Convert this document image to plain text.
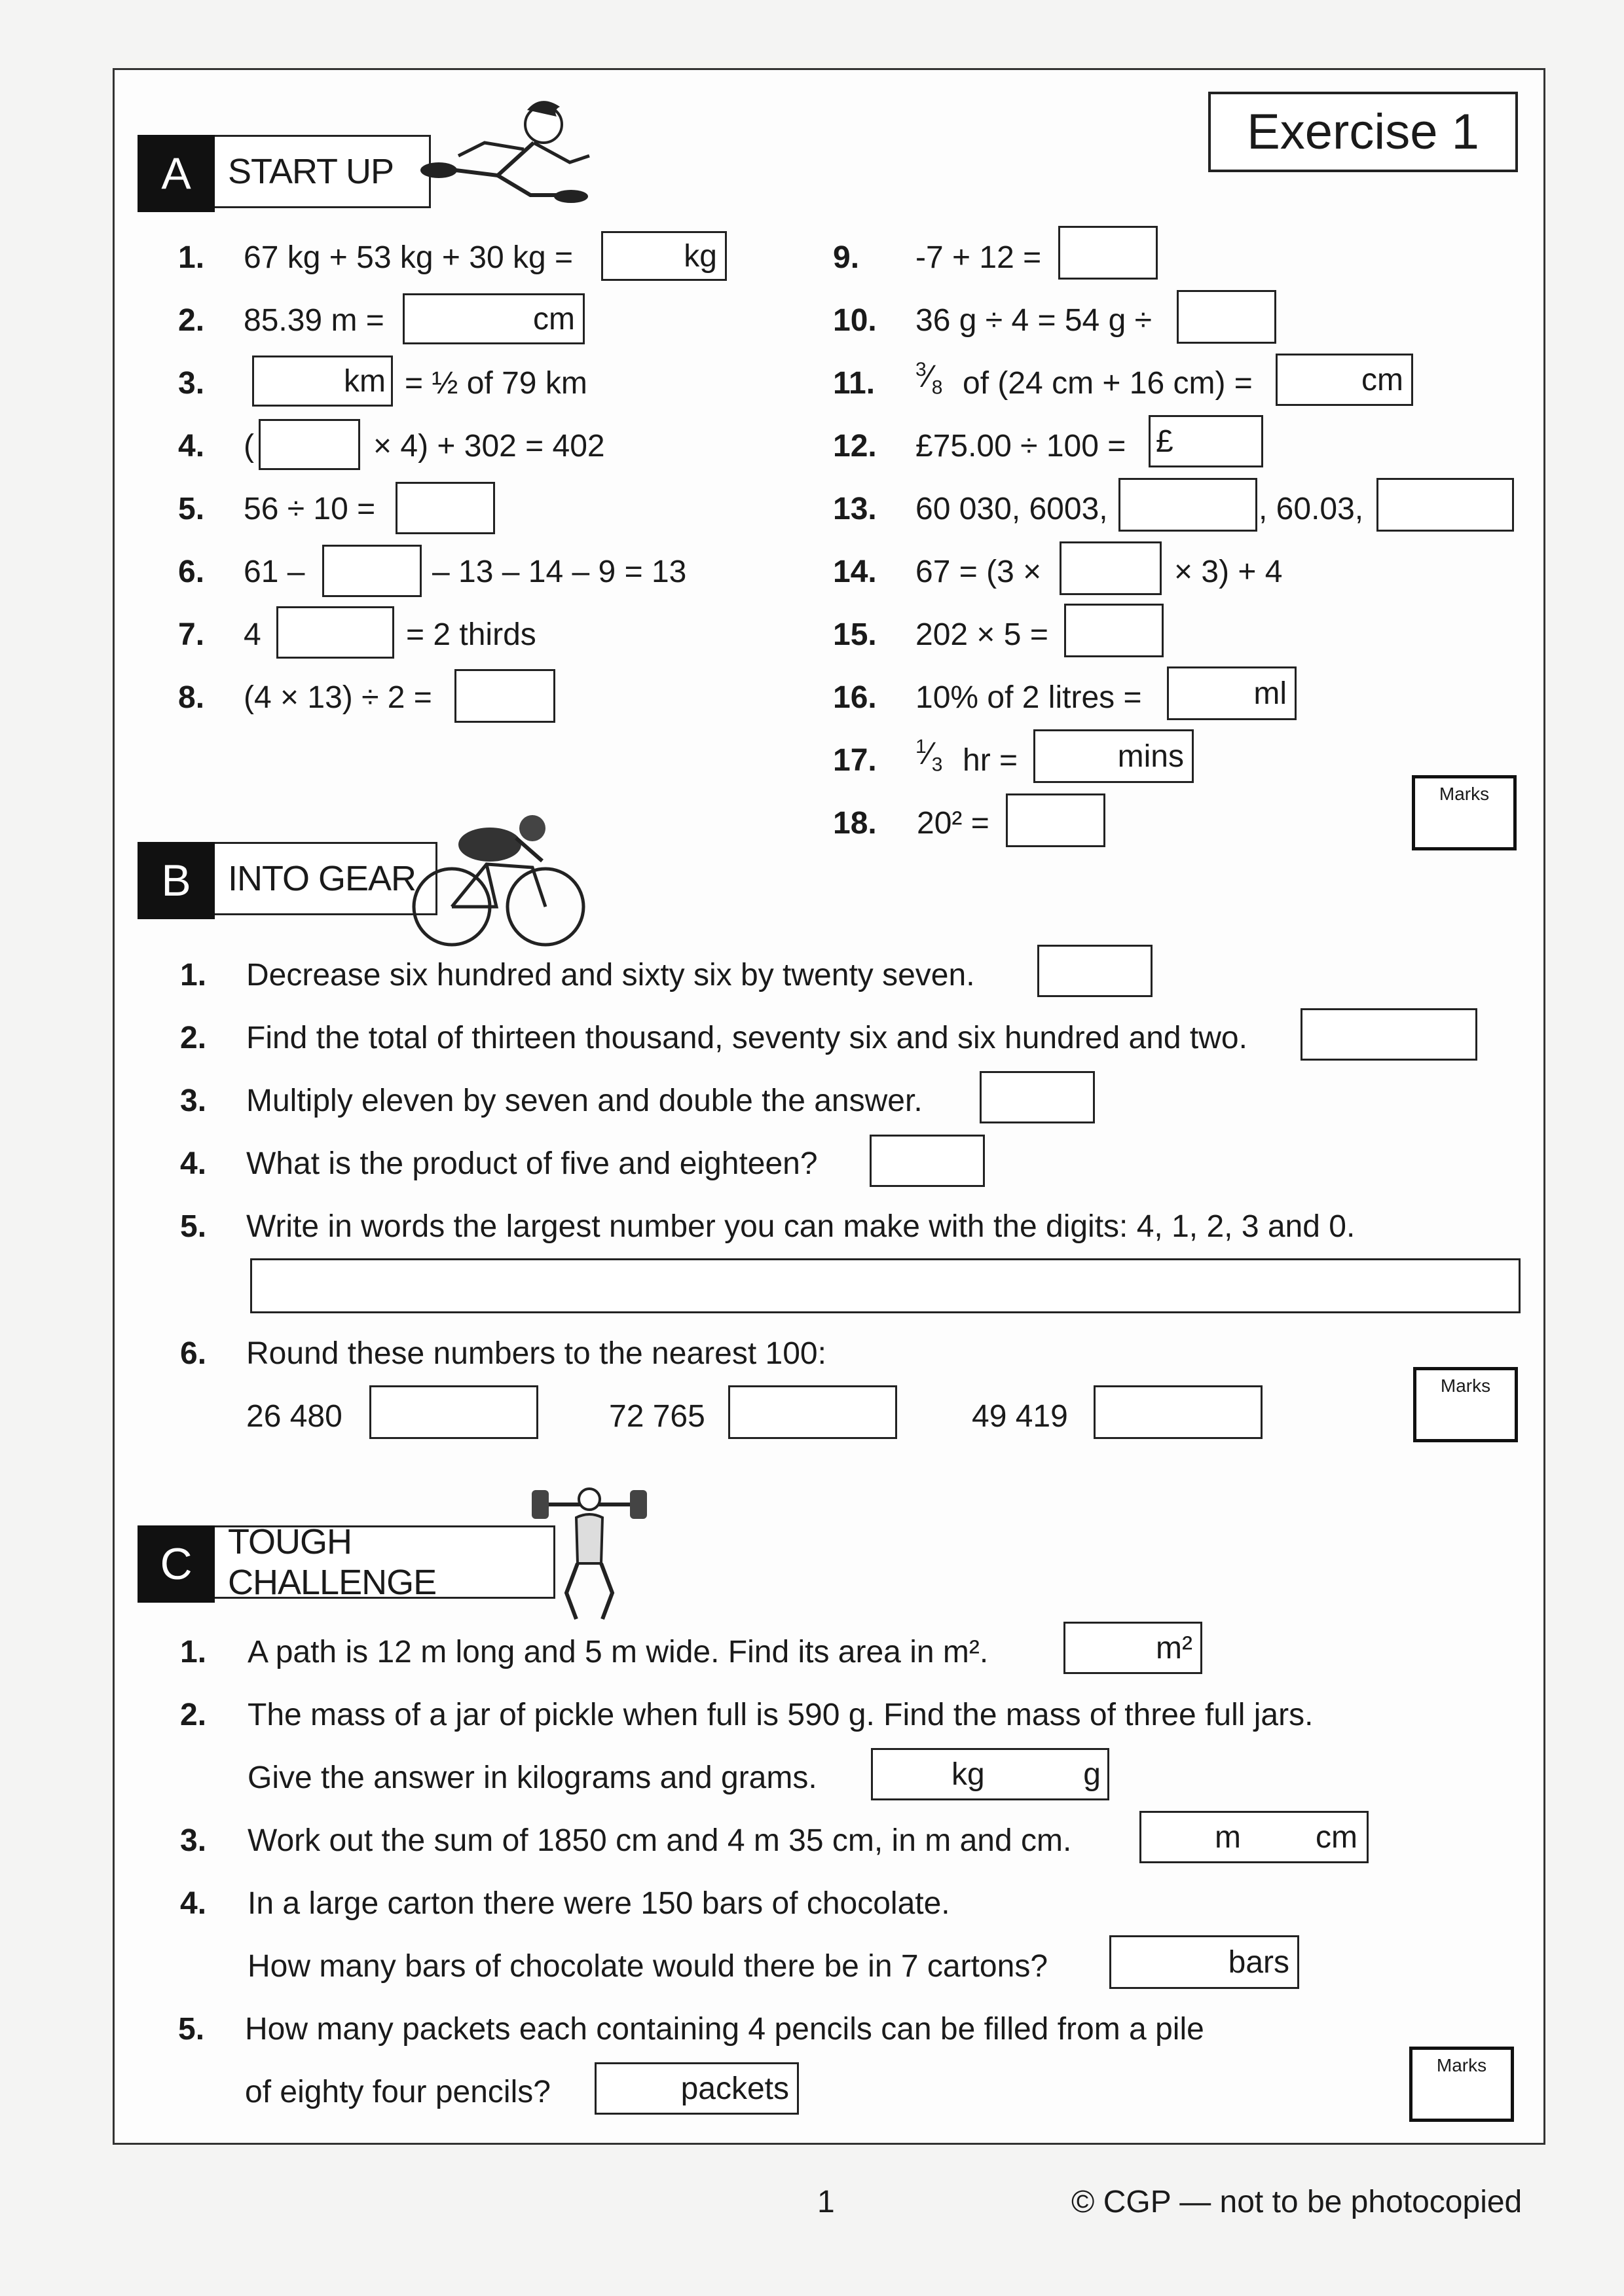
Exercise 1
A	START UP
1. 67 kg + 53 kg + 30 kg =	kg
2. 85.39 m =	cm
3.	km = ½ of 79 km
4. (	× 4) + 302 = 402
5. 56 ÷ 10 =
6. 61 –	– 13 – 14 – 9 = 13
7. 4	= 2 thirds
8. (4 × 13) ÷ 2 =
9. -7 + 12 =
10. 36 g ÷ 4 = 54 g ÷
11. $^3⁄_8$ of (24 cm + 16 cm) =	cm
12. £75.00 ÷ 100 = £
13. 60 030, 6003,	, 60.03,
14. 67 = (3 ×	× 3) + 4
15. 202 × 5 =
16. 10% of 2 litres =	ml
17. $^1⁄_3$ hr =	mins
18. 20² =
Marks
B	INTO GEAR
1. Decrease six hundred and sixty six by twenty seven.
2. Find the total of thirteen thousand, seventy six and six hundred and two.
3. Multiply eleven by seven and double the answer.
4. What is the product of five and eighteen?
5. Write in words the largest number you can make with the digits: 4, 1, 2, 3 and 0.
6. Round these numbers to the nearest 100:
26 480	72 765	49 419
Marks
C	TOUGH CHALLENGE
1. A path is 12 m long and 5 m wide. Find its area in m².	m²
2. The mass of a jar of pickle when full is 590 g. Find the mass of three full jars.
Give the answer in kilograms and grams.	kg	g
3. Work out the sum of 1850 cm and 4 m 35 cm, in m and cm.	m cm
4. In a large carton there were 150 bars of chocolate.
How many bars of chocolate would there be in 7 cartons?	bars
5. How many packets each containing 4 pencils can be filled from a pile
of eighty four pencils?	packets
Marks
1	© CGP — not to be photocopied
